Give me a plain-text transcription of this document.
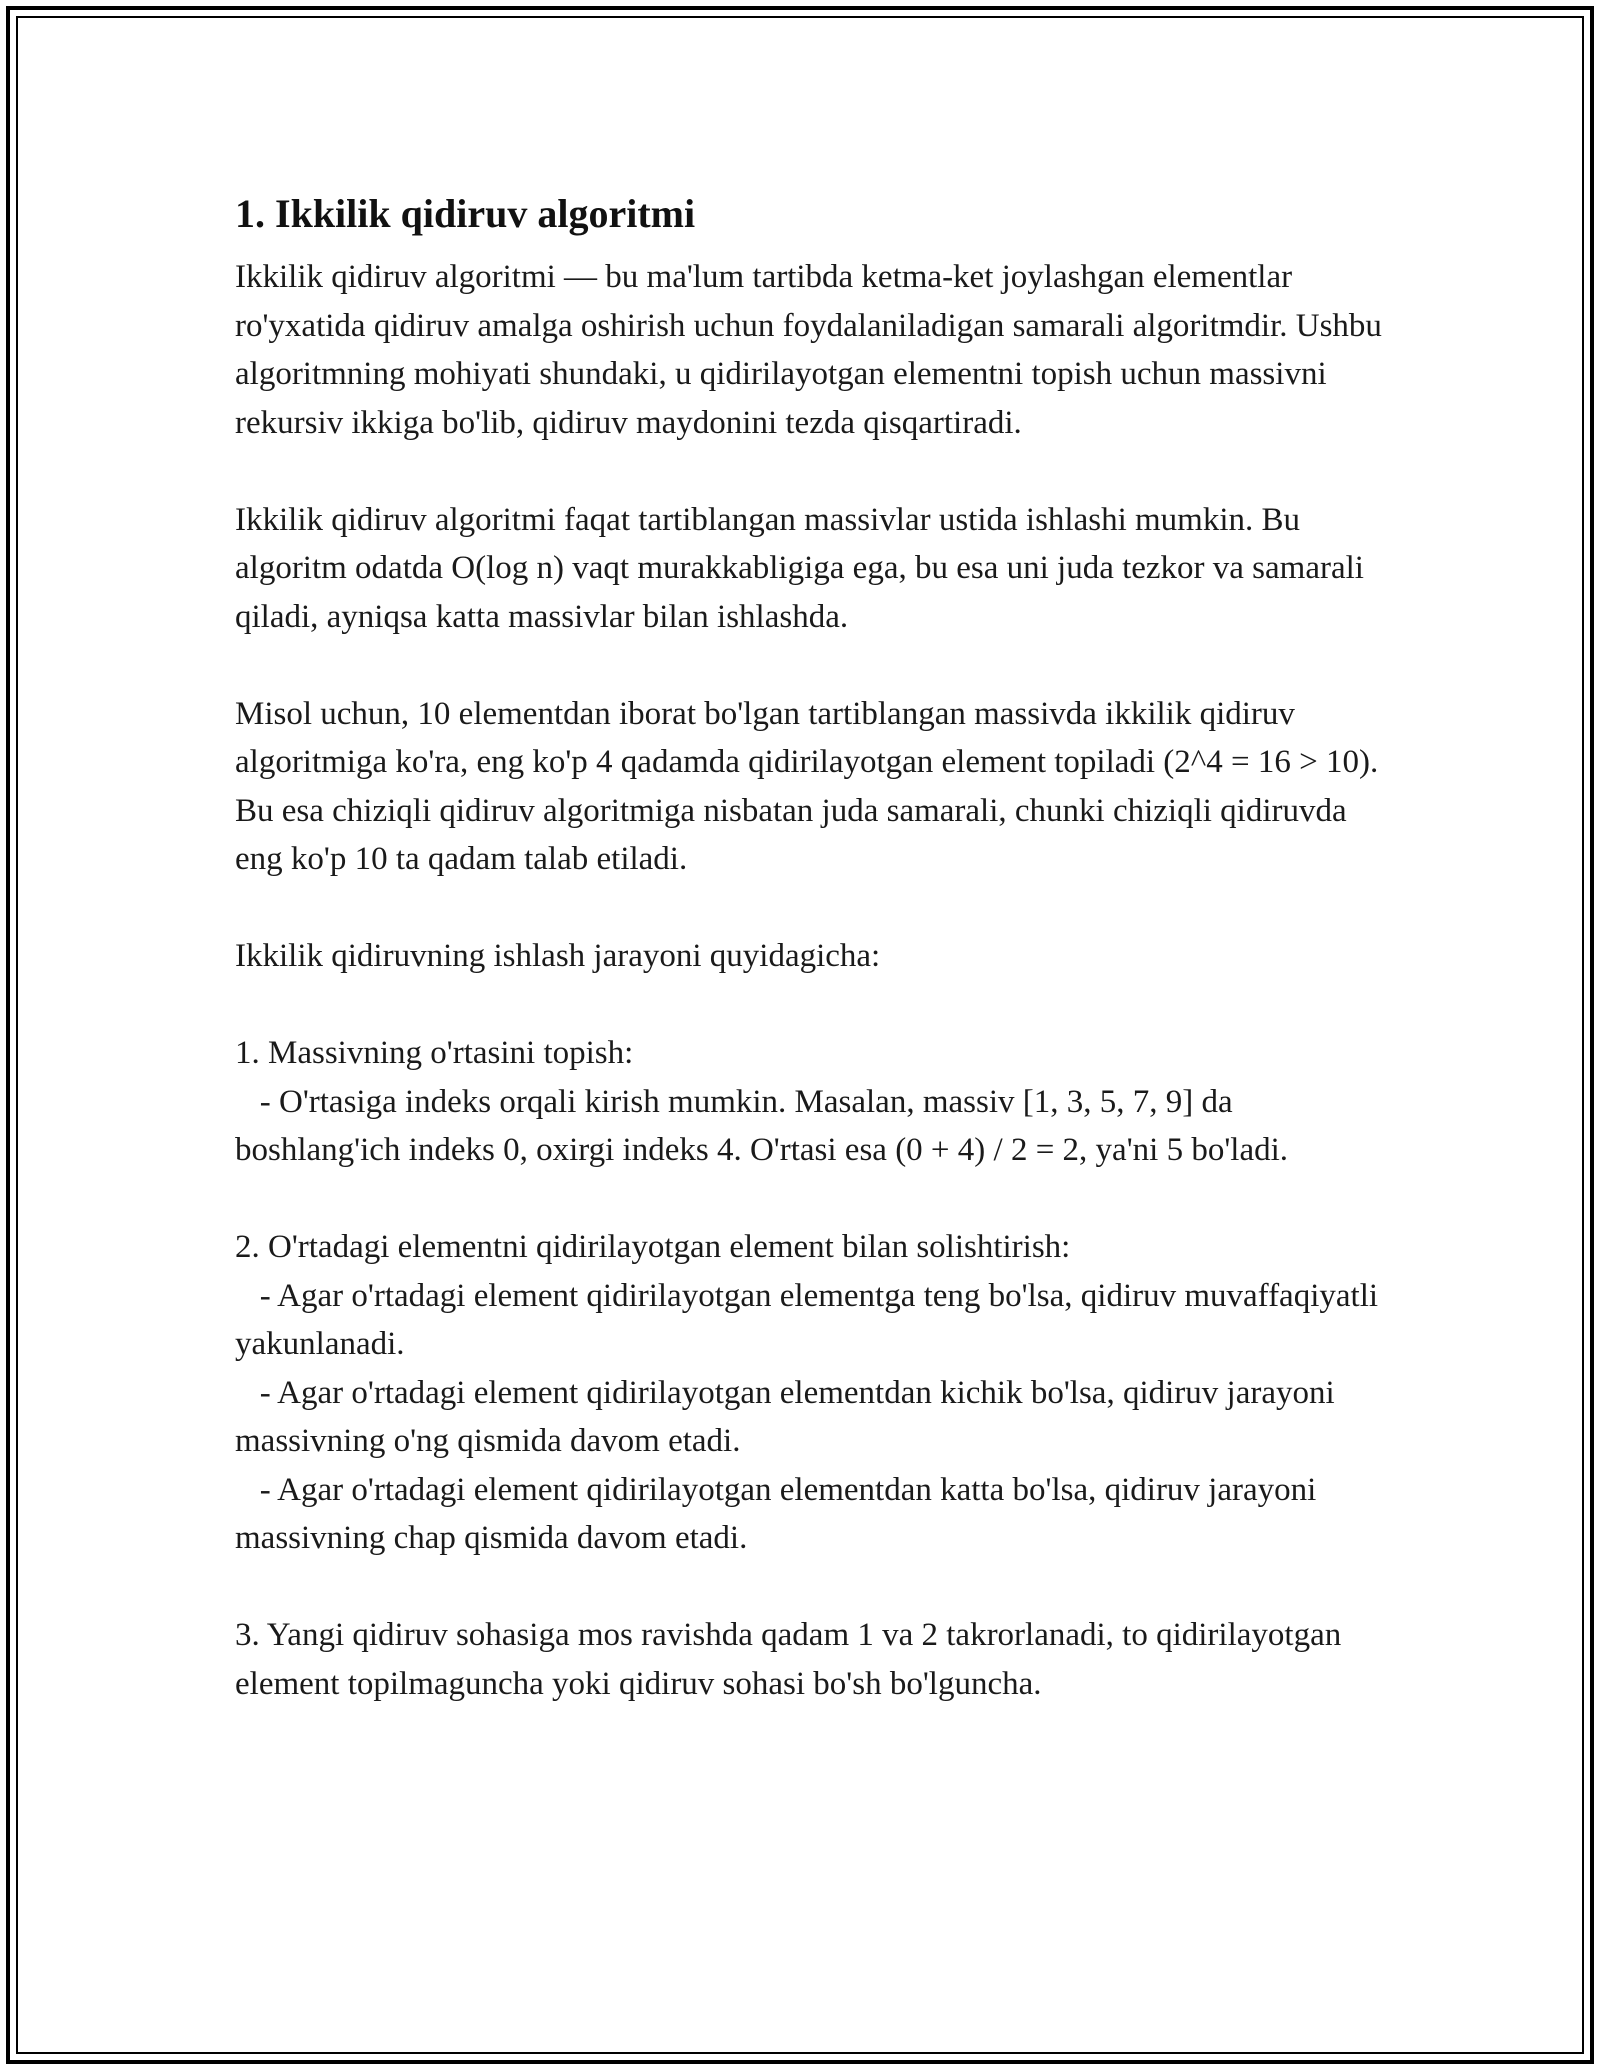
1. Ikkilik qidiruv algoritmi

Ikkilik qidiruv algoritmi — bu ma'lum tartibda ketma-ket joylashgan elementlar ro'yxatida qidiruv amalga oshirish uchun foydalaniladigan samarali algoritmdir. Ushbu algoritmning mohiyati shundaki, u qidirilayotgan elementni topish uchun massivni rekursiv ikkiga bo'lib, qidiruv maydonini tezda qisqartiradi.

Ikkilik qidiruv algoritmi faqat tartiblangan massivlar ustida ishlashi mumkin. Bu algoritm odatda O(log n) vaqt murakkabligiga ega, bu esa uni juda tezkor va samarali qiladi, ayniqsa katta massivlar bilan ishlashda.

Misol uchun, 10 elementdan iborat bo'lgan tartiblangan massivda ikkilik qidiruv algoritmiga ko'ra, eng ko'p 4 qadamda qidirilayotgan element topiladi (2^4 = 16 > 10). Bu esa chiziqli qidiruv algoritmiga nisbatan juda samarali, chunki chiziqli qidiruvda eng ko'p 10 ta qadam talab etiladi.

Ikkilik qidiruvning ishlash jarayoni quyidagicha:

1. Massivning o'rtasini topish:
- O'rtasiga indeks orqali kirish mumkin. Masalan, massiv [1, 3, 5, 7, 9] da boshlang'ich indeks 0, oxirgi indeks 4. O'rtasi esa (0 + 4) / 2 = 2, ya'ni 5 bo'ladi.

2. O'rtadagi elementni qidirilayotgan element bilan solishtirish:
- Agar o'rtadagi element qidirilayotgan elementga teng bo'lsa, qidiruv muvaffaqiyatli yakunlanadi.
- Agar o'rtadagi element qidirilayotgan elementdan kichik bo'lsa, qidiruv jarayoni massivning o'ng qismida davom etadi.
- Agar o'rtadagi element qidirilayotgan elementdan katta bo'lsa, qidiruv jarayoni massivning chap qismida davom etadi.

3. Yangi qidiruv sohasiga mos ravishda qadam 1 va 2 takrorlanadi, to qidirilayotgan element topilmaguncha yoki qidiruv sohasi bo'sh bo'lguncha.
